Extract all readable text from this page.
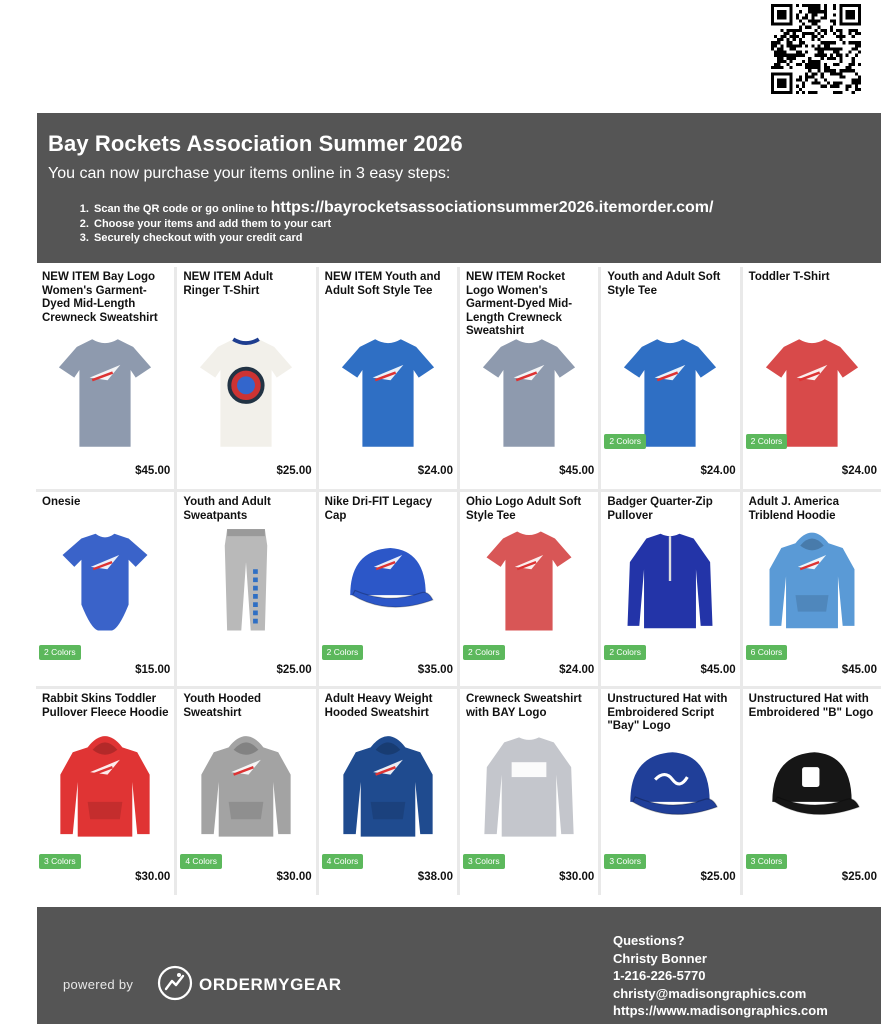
Bay Rockets Association Summer 2026
You can now purchase your items online in 3 easy steps:
1. Scan the QR code or go online to https://bayrocketsassociationsummer2026.itemorder.com/
2. Choose your items and add them to your cart
3. Securely checkout with your credit card
NEW ITEM Bay Logo Women's Garment-Dyed Mid-Length Crewneck Sweatshirt
$45.00
NEW ITEM Adult Ringer T-Shirt
$25.00
NEW ITEM Youth and Adult Soft Style Tee
$24.00
NEW ITEM Rocket Logo Women's Garment-Dyed Mid-Length Crewneck Sweatshirt
$45.00
Youth and Adult Soft Style Tee
2 Colors
$24.00
Toddler T-Shirt
2 Colors
$24.00
Onesie
2 Colors
$15.00
Youth and Adult Sweatpants
$25.00
Nike Dri-FIT Legacy Cap
2 Colors
$35.00
Ohio Logo Adult Soft Style Tee
2 Colors
$24.00
Badger Quarter-Zip Pullover
2 Colors
$45.00
Adult J. America Triblend Hoodie
6 Colors
$45.00
Rabbit Skins Toddler Pullover Fleece Hoodie
3 Colors
$30.00
Youth Hooded Sweatshirt
4 Colors
$30.00
Adult Heavy Weight Hooded Sweatshirt
4 Colors
$38.00
Crewneck Sweatshirt with BAY Logo
3 Colors
$30.00
Unstructured Hat with Embroidered Script "Bay" Logo
3 Colors
$25.00
Unstructured Hat with Embroidered "B" Logo
3 Colors
$25.00
powered by	ORDERMYGEAR
Questions?
Christy Bonner
1-216-226-5770
christy@madisongraphics.com
https://www.madisongraphics.com
